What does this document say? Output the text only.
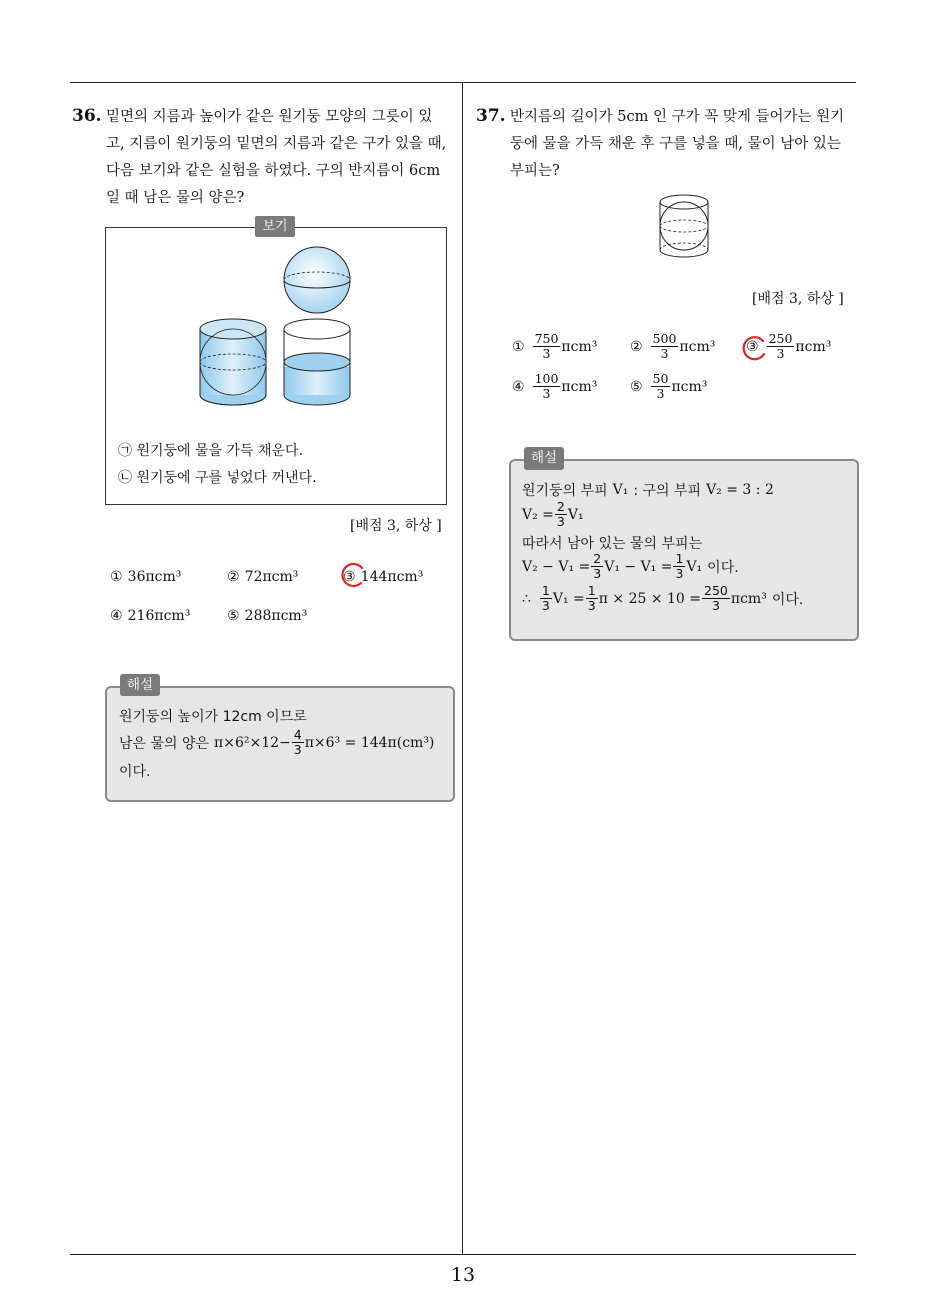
13
36. 밑면의 지름과 높이가 같은 원기둥 모양의 그릇이 있
고, 지름이 원기둥의 밑면의 지름과 같은 구가 있을 때,
다음 보기와 같은 실험을 하였다. 구의 반지름이 6cm
일 때 남은 물의 양은?
보기
㉠ 원기둥에 물을 가득 채운다.
㉡ 원기둥에 구를 넣었다 꺼낸다.
[배점 3, 하상 ]
① 36πcm³	② 72πcm³	③ 144πcm³
④ 216πcm³	⑤ 288πcm³
해설
원기둥의 높이가 12cm 이므로
남은 물의 양은 $\pi\times 6^2\times 12- \frac{4}{3} \pi\times 6^3 = 144\pi(cm^3)$
이다.
37. 반지름의 길이가 5cm 인 구가 꼭 맞게 들어가는 원기
둥에 물을 가득 채운 후 구를 넣을 때, 물이 남아 있는
부피는?
[배점 3, 하상 ]
① $\frac{750}{3} \pi cm^3$ ② $\frac{500}{3} \pi cm^3$ ③ $\frac{250}{3} \pi cm^3$
④ $\frac{100}{3} \pi cm^3$ ⑤ $\frac{50}{3} \pi cm^3$
해설
원기둥의 부피 V₁ : 구의 부피 V₂ = 3 : 2
$V_2 = \frac{2}{3} V_1$
따라서 남아 있는 물의 부피는
$V_2 - V_1 = \frac{2}{3} V_1 - V_1 = \frac{1}{3} V_1$ 이다.
∴ $\frac{1}{3} V_1 = \frac{1}{3}$ $\pi \times 25 \times 10 = \frac{250}{3} \pi cm^3$ 이다.
